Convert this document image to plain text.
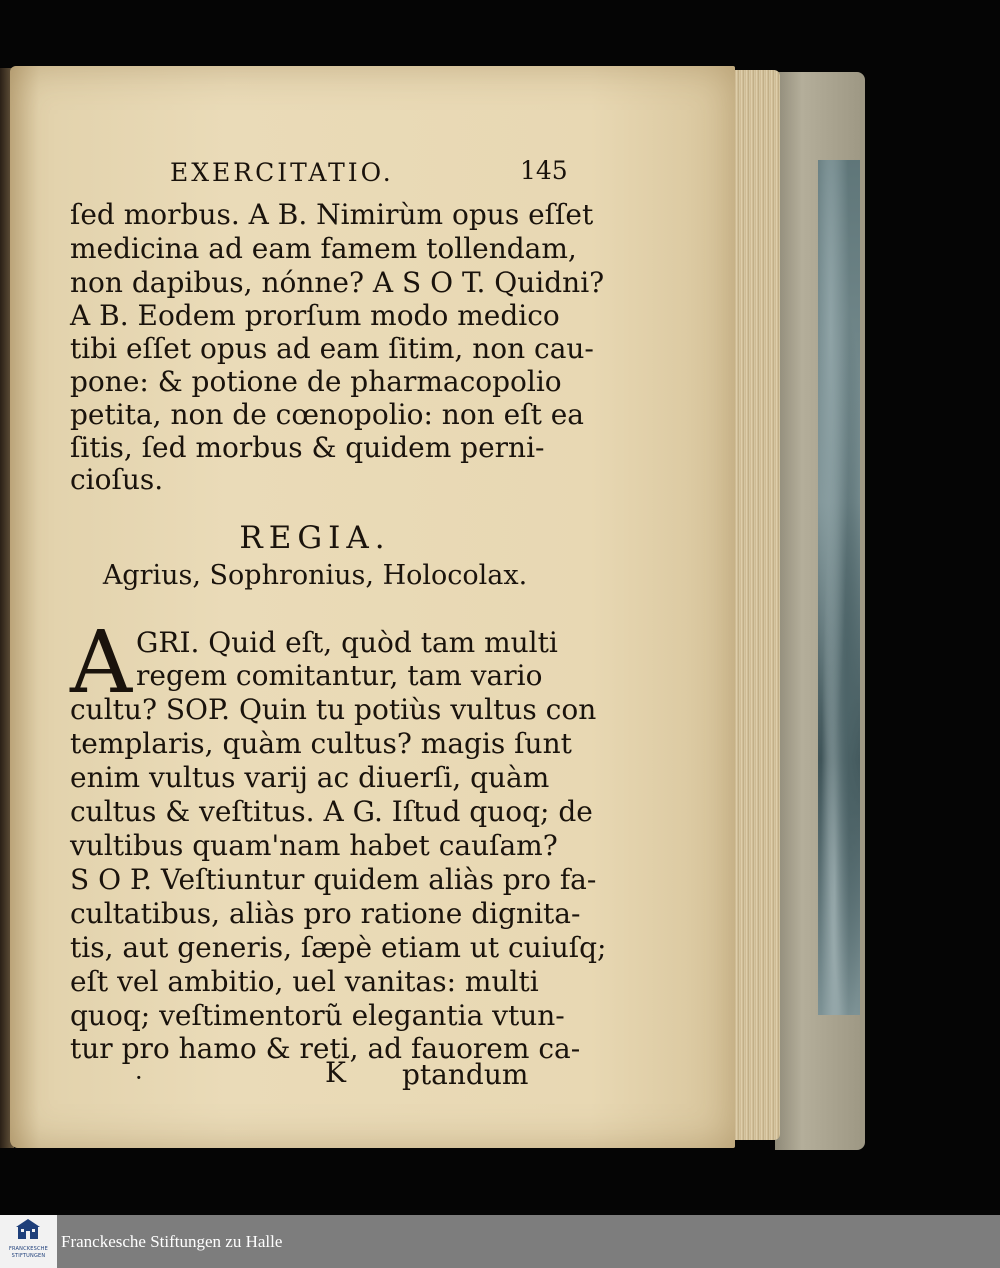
EXERCITATIO.	145
ſed morbus. A B. Nimirùm opus eſſet
medicina ad eam famem tollendam,
non dapibus, nónne? A S O T. Quidni?
A B. Eodem prorſum modo medico
tibi eſſet opus ad eam ſitim, non cau-
pone: & potione de pharmacopolio
petita, non de cœnopolio: non eſt ea
ſitis, ſed morbus & quidem perni-
cioſus.
REGIA.
Agrius, Sophronius, Holocolax.
A GRI. Quid eſt, quòd tam multi
regem comitantur, tam vario
cultu? SOP. Quin tu potiùs vultus con
templaris, quàm cultus? magis ſunt
enim vultus varij ac diuerſi, quàm
cultus & veſtitus. A G. Iſtud quoq; de
vultibus quam'nam habet cauſam?
S O P. Veſtiuntur quidem aliàs pro fa-
cultatibus, aliàs pro ratione dignita-
tis, aut generis, ſæpè etiam ut cuiuſq;
eſt vel ambitio, uel vanitas: multi
quoq; veſtimentorũ elegantia vtun-
tur pro hamo & reti, ad fauorem ca-
·	K ptandum
FRANCKESCHE STIFTUNGEN
Franckesche Stiftungen zu Halle
